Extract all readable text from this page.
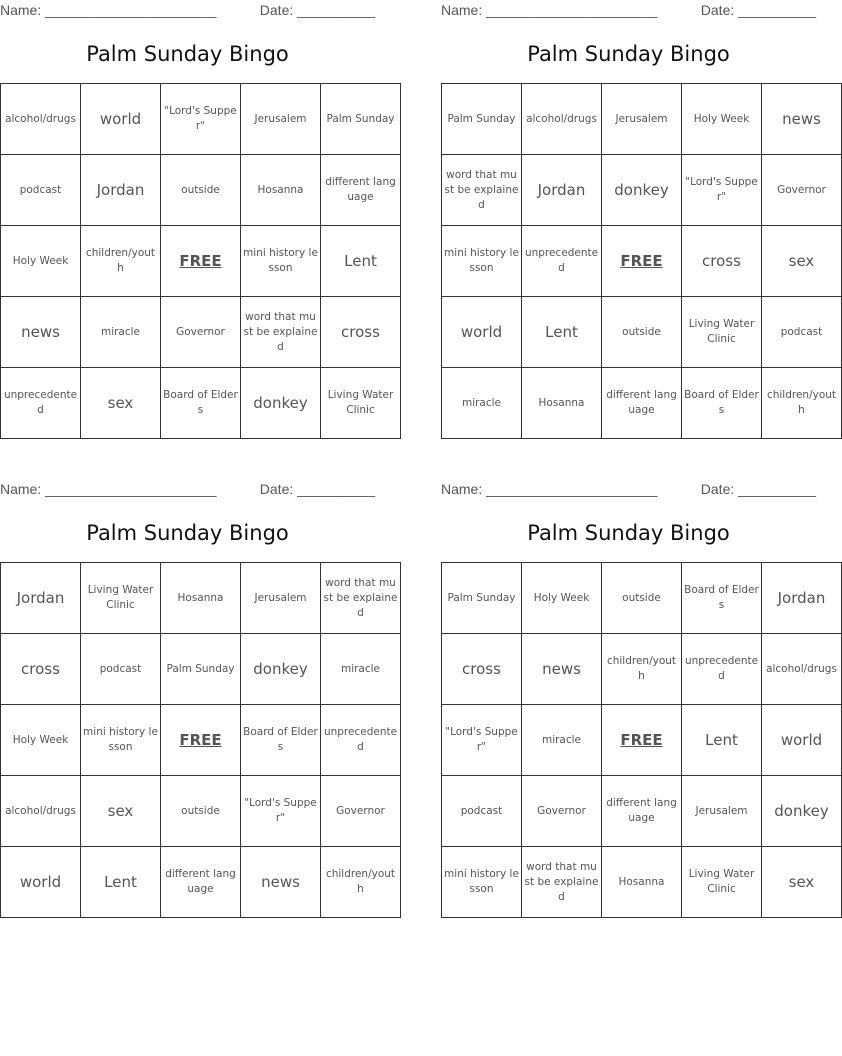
Name: ______________________	Date: __________
Palm Sunday Bingo
alcohol/drugs	world	"Lord's Supper"	Jerusalem	Palm Sunday
podcast	Jordan	outside	Hosanna	different language
Holy Week	children/youth	FREE	mini history lesson	Lent
news	miracle	Governor	word that must be explained	cross
unprecedented	sex	Board of Elders	donkey	Living Water Clinic
Name: ______________________	Date: __________
Palm Sunday Bingo
Palm Sunday	alcohol/drugs	Jerusalem	Holy Week	news
word that must be explained	Jordan	donkey	"Lord's Supper"	Governor
mini history lesson	unprecedented	FREE	cross	sex
world	Lent	outside	Living Water Clinic	podcast
miracle	Hosanna	different language	Board of Elders	children/youth
Name: ______________________	Date: __________
Palm Sunday Bingo
Jordan	Living Water Clinic	Hosanna	Jerusalem	word that must be explained
cross	podcast	Palm Sunday	donkey	miracle
Holy Week	mini history lesson	FREE	Board of Elders	unprecedented
alcohol/drugs	sex	outside	"Lord's Supper"	Governor
world	Lent	different language	news	children/youth
Name: ______________________	Date: __________
Palm Sunday Bingo
Palm Sunday	Holy Week	outside	Board of Elders	Jordan
cross	news	children/youth	unprecedented	alcohol/drugs
"Lord's Supper"	miracle	FREE	Lent	world
podcast	Governor	different language	Jerusalem	donkey
mini history lesson	word that must be explained	Hosanna	Living Water Clinic	sex
